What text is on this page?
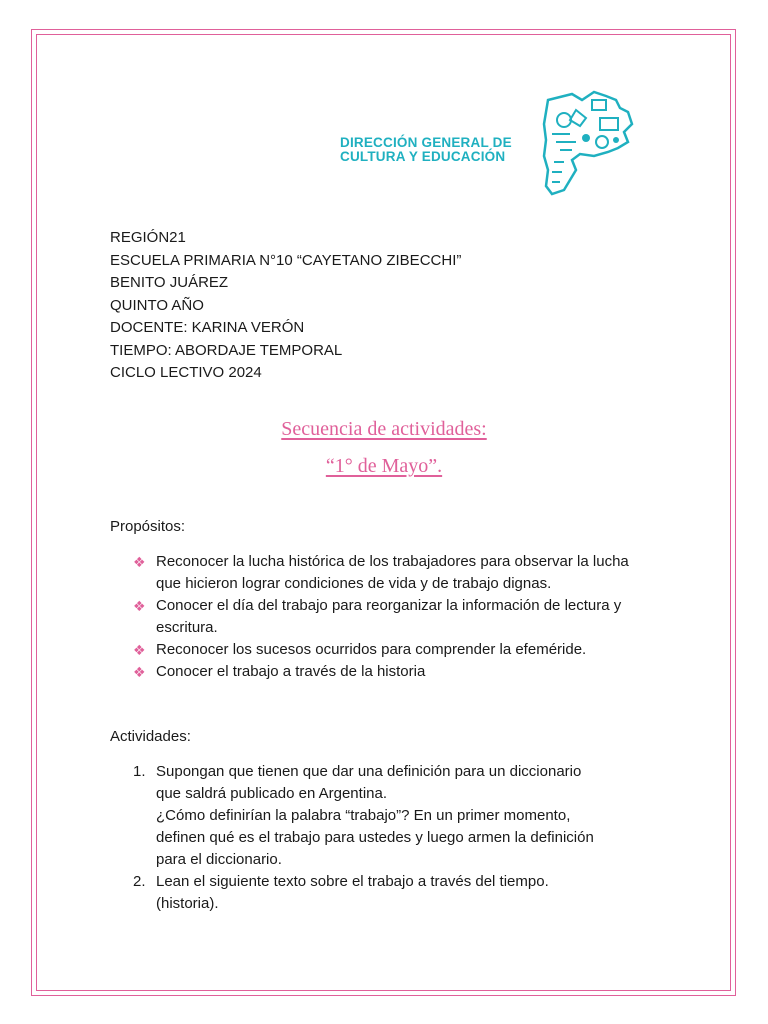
DIRECCIÓN GENERAL DE
CULTURA Y EDUCACIÓN
REGIÓN21
ESCUELA PRIMARIA N°10 “CAYETANO ZIBECCHI”
BENITO JUÁREZ
QUINTO AÑO
DOCENTE: KARINA VERÓN
TIEMPO: ABORDAJE TEMPORAL
CICLO LECTIVO 2024
Secuencia de actividades:
“1° de Mayo”.
Propósitos:
❖ Reconocer la lucha histórica de los trabajadores para observar la lucha que hicieron lograr condiciones de vida y de trabajo dignas.
❖ Conocer el día del trabajo para reorganizar la información de lectura y escritura.
❖ Reconocer los sucesos ocurridos para comprender la efeméride.
❖ Conocer el trabajo a través de la historia
Actividades:
1. Supongan que tienen que dar una definición para un diccionario
que saldrá publicado en Argentina.
¿Cómo definirían la palabra “trabajo”? En un primer momento,
definen qué es el trabajo para ustedes y luego armen la definición
para el diccionario.
2. Lean el siguiente texto sobre el trabajo a través del tiempo.
(historia).
